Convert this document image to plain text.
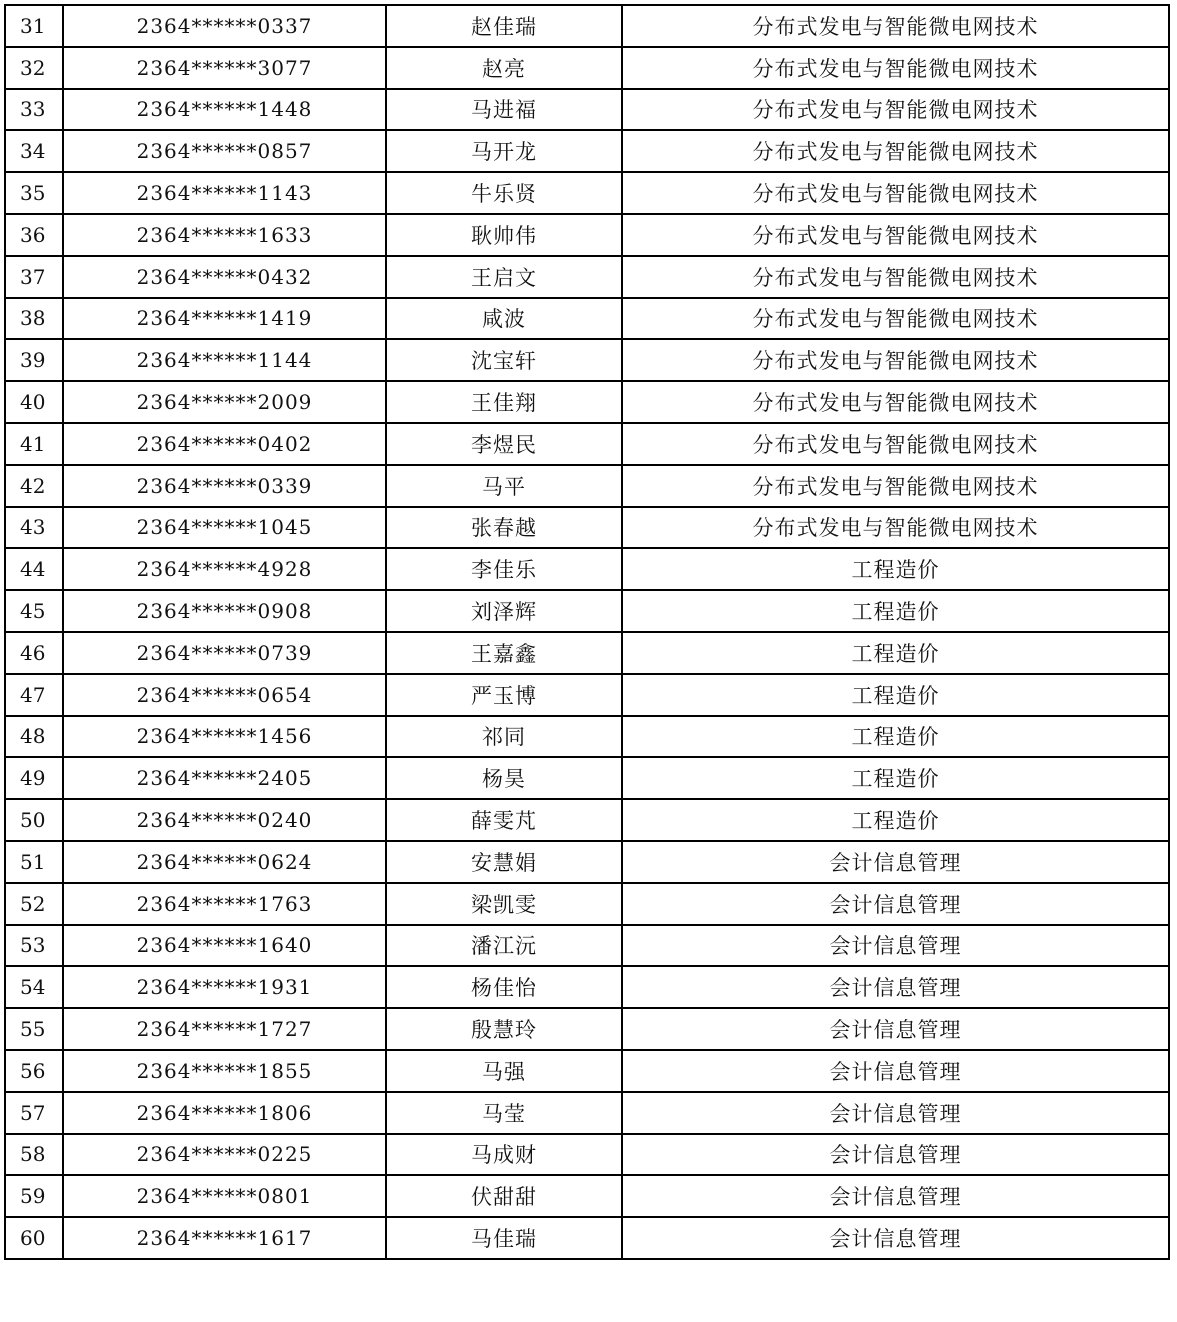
31	2364******0337	赵佳瑞	分布式发电与智能微电网技术
32	2364******3077	赵亮	分布式发电与智能微电网技术
33	2364******1448	马进福	分布式发电与智能微电网技术
34	2364******0857	马开龙	分布式发电与智能微电网技术
35	2364******1143	牛乐贤	分布式发电与智能微电网技术
36	2364******1633	耿帅伟	分布式发电与智能微电网技术
37	2364******0432	王启文	分布式发电与智能微电网技术
38	2364******1419	咸波	分布式发电与智能微电网技术
39	2364******1144	沈宝轩	分布式发电与智能微电网技术
40	2364******2009	王佳翔	分布式发电与智能微电网技术
41	2364******0402	李煜民	分布式发电与智能微电网技术
42	2364******0339	马平	分布式发电与智能微电网技术
43	2364******1045	张春越	分布式发电与智能微电网技术
44	2364******4928	李佳乐	工程造价
45	2364******0908	刘泽辉	工程造价
46	2364******0739	王嘉鑫	工程造价
47	2364******0654	严玉博	工程造价
48	2364******1456	祁同	工程造价
49	2364******2405	杨昊	工程造价
50	2364******0240	薛雯芃	工程造价
51	2364******0624	安慧娟	会计信息管理
52	2364******1763	梁凯雯	会计信息管理
53	2364******1640	潘江沅	会计信息管理
54	2364******1931	杨佳怡	会计信息管理
55	2364******1727	殷慧玲	会计信息管理
56	2364******1855	马强	会计信息管理
57	2364******1806	马莹	会计信息管理
58	2364******0225	马成财	会计信息管理
59	2364******0801	伏甜甜	会计信息管理
60	2364******1617	马佳瑞	会计信息管理
